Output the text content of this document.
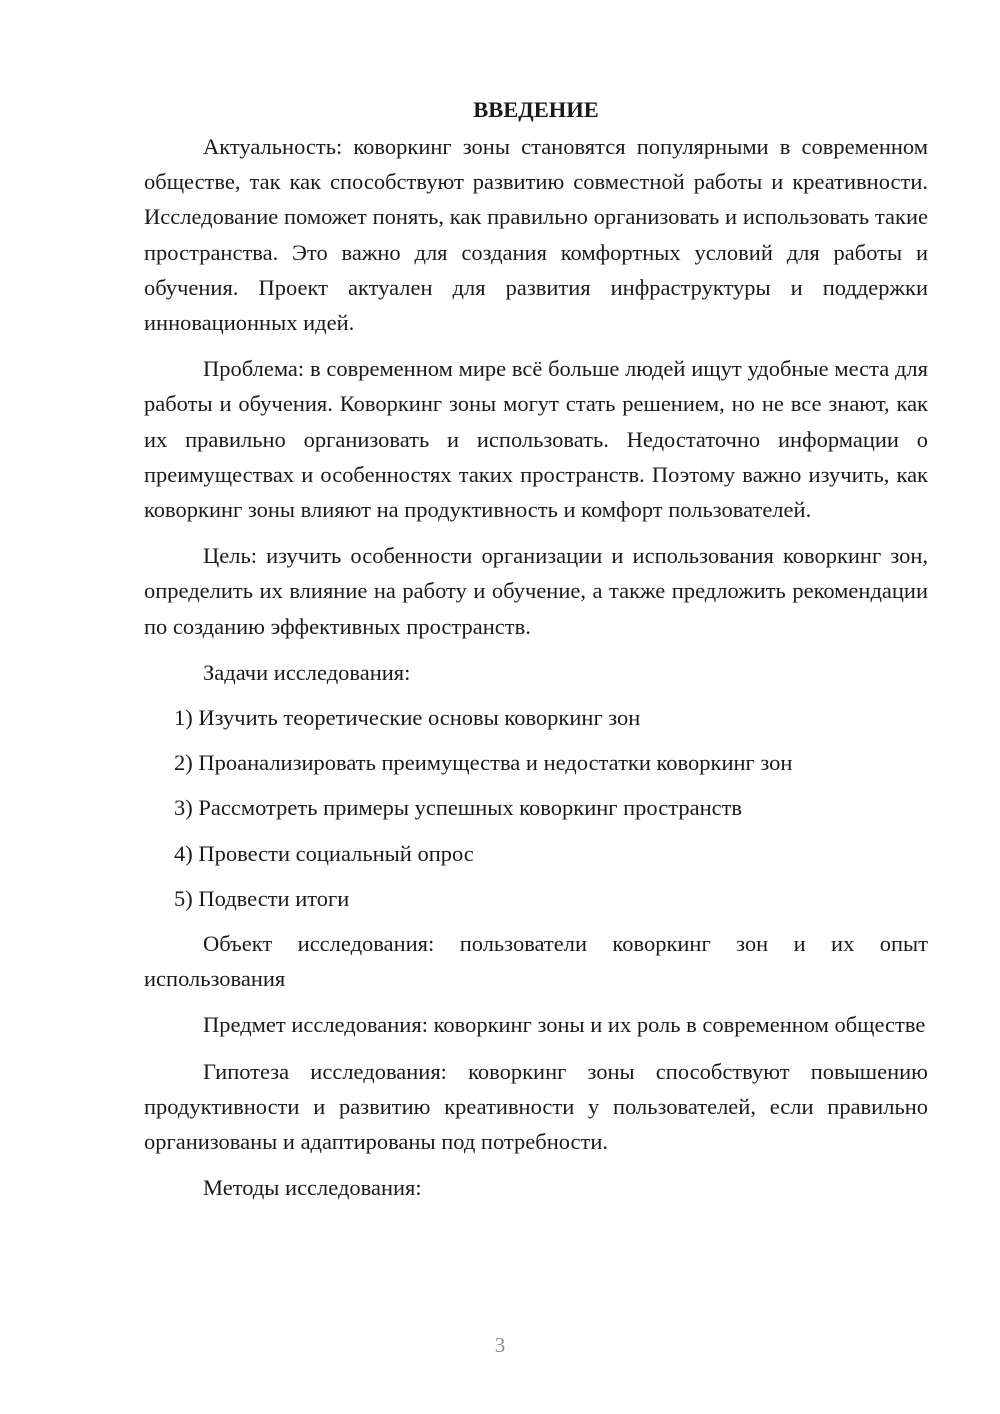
ВВЕДЕНИЕ

Актуальность: коворкинг зоны становятся популярными в современном обществе, так как способствуют развитию совместной работы и креативности. Исследование поможет понять, как правильно организовать и использовать такие пространства. Это важно для создания комфортных условий для работы и обучения. Проект актуален для развития инфраструктуры и поддержки инновационных идей.

Проблема: в современном мире всё больше людей ищут удобные места для работы и обучения. Коворкинг зоны могут стать решением, но не все знают, как их правильно организовать и использовать. Недостаточно информации о преимуществах и особенностях таких пространств. Поэтому важно изучить, как коворкинг зоны влияют на продуктивность и комфорт пользователей.

Цель: изучить особенности организации и использования коворкинг зон, определить их влияние на работу и обучение, а также предложить рекомендации по созданию эффективных пространств.

Задачи исследования:

1) Изучить теоретические основы коворкинг зон
2) Проанализировать преимущества и недостатки коворкинг зон
3) Рассмотреть примеры успешных коворкинг пространств
4) Провести социальный опрос
5) Подвести итоги

Объект исследования: пользователи коворкинг зон и их опыт использования

Предмет исследования: коворкинг зоны и их роль в современном обществе

Гипотеза исследования: коворкинг зоны способствуют повышению продуктивности и развитию креативности у пользователей, если правильно организованы и адаптированы под потребности.

Методы исследования:

3
